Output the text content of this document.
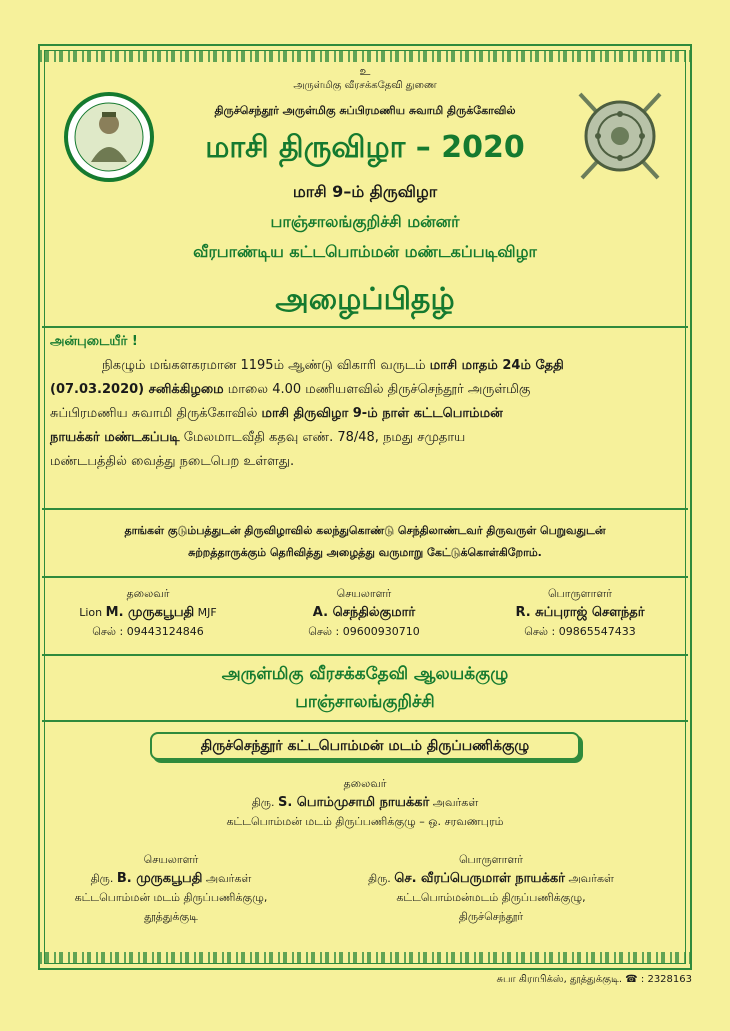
உ
அருள்மிகு வீரசக்கதேவி துணை
திருச்செந்தூர் அருள்மிகு சுப்பிரமணிய சுவாமி திருக்கோவில்
மாசி திருவிழா – 2020
மாசி 9–ம் திருவிழா
பாஞ்சாலங்குறிச்சி மன்னர்
வீரபாண்டிய கட்டபொம்மன் மண்டகப்படிவிழா
அழைப்பிதழ்
அன்புடையீர் !
நிகழும் மங்களகரமான 1195ம் ஆண்டு விகாரி வருடம் மாசி மாதம் 24ம் தேதி
(07.03.2020) சனிக்கிழமை மாலை 4.00 மணியளவில் திருச்செந்தூர் அருள்மிகு
சுப்பிரமணிய சுவாமி திருக்கோவில் மாசி திருவிழா 9-ம் நாள் கட்டபொம்மன்
நாயக்கர் மண்டகப்படி மேலமாடவீதி கதவு எண். 78/48, நமது சமுதாய
மண்டபத்தில் வைத்து நடைபெற உள்ளது.
தாங்கள் குடும்பத்துடன் திருவிழாவில் கலந்துகொண்டு செந்திலாண்டவர் திருவருள் பெறுவதுடன்
சுற்றத்தாருக்கும் தெரிவித்து அழைத்து வருமாறு கேட்டுக்கொள்கிறோம்.
தலைவர்
Lion M. முருகபூபதி MJF
செல் : 09443124846
செயலாளர்
A. செந்தில்குமார்
செல் : 09600930710
பொருளாளர்
R. சுப்புராஜ் சௌந்தர்
செல் : 09865547433
அருள்மிகு வீரசக்கதேவி ஆலயக்குழு
பாஞ்சாலங்குறிச்சி
திருச்செந்தூர் கட்டபொம்மன் மடம் திருப்பணிக்குழு
தலைவர்
திரு. S. பொம்முசாமி நாயக்கர் அவர்கள்
கட்டபொம்மன் மடம் திருப்பணிக்குழு – ஒ. சரவணபுரம்
செயலாளர்
திரு. B. முருகபூபதி அவர்கள்
கட்டபொம்மன் மடம் திருப்பணிக்குழு,
தூத்துக்குடி
பொருளாளர்
திரு. செ. வீரப்பெருமாள் நாயக்கர் அவர்கள்
கட்டபொம்மன்மடம் திருப்பணிக்குழு,
திருச்செந்தூர்
சுபா கிராபிக்ஸ், தூத்துக்குடி. ☎ : 2328163
